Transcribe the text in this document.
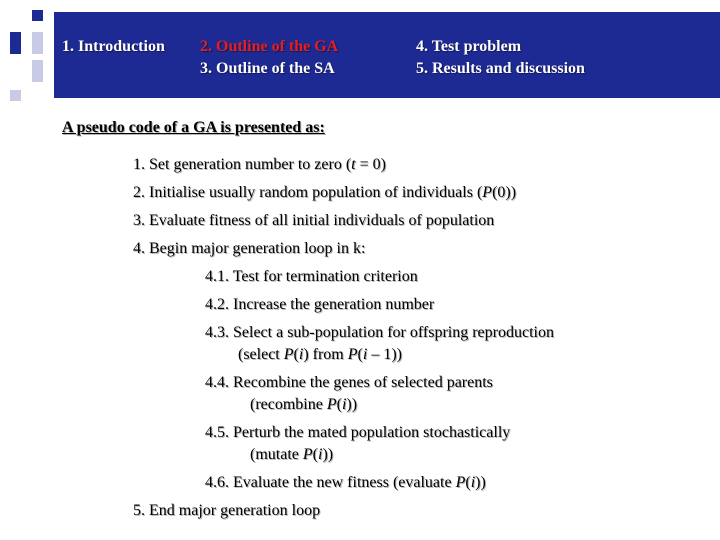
1. Introduction 2. Outline of the GA
3. Outline of the SA
4. Test problem
5. Results and discussion
A pseudo code of a GA is presented as:
1. Set generation number to zero (t = 0)
2. Initialise usually random population of individuals (P(0))
3. Evaluate fitness of all initial individuals of population
4. Begin major generation loop in k:
4.1. Test for termination criterion
4.2. Increase the generation number
4.3. Select a sub-population for offspring reproduction
(select P(i) from P(i – 1))
4.4. Recombine the genes of selected parents
(recombine P(i))
4.5. Perturb the mated population stochastically
(mutate P(i))
4.6. Evaluate the new fitness (evaluate P(i))
5. End major generation loop
